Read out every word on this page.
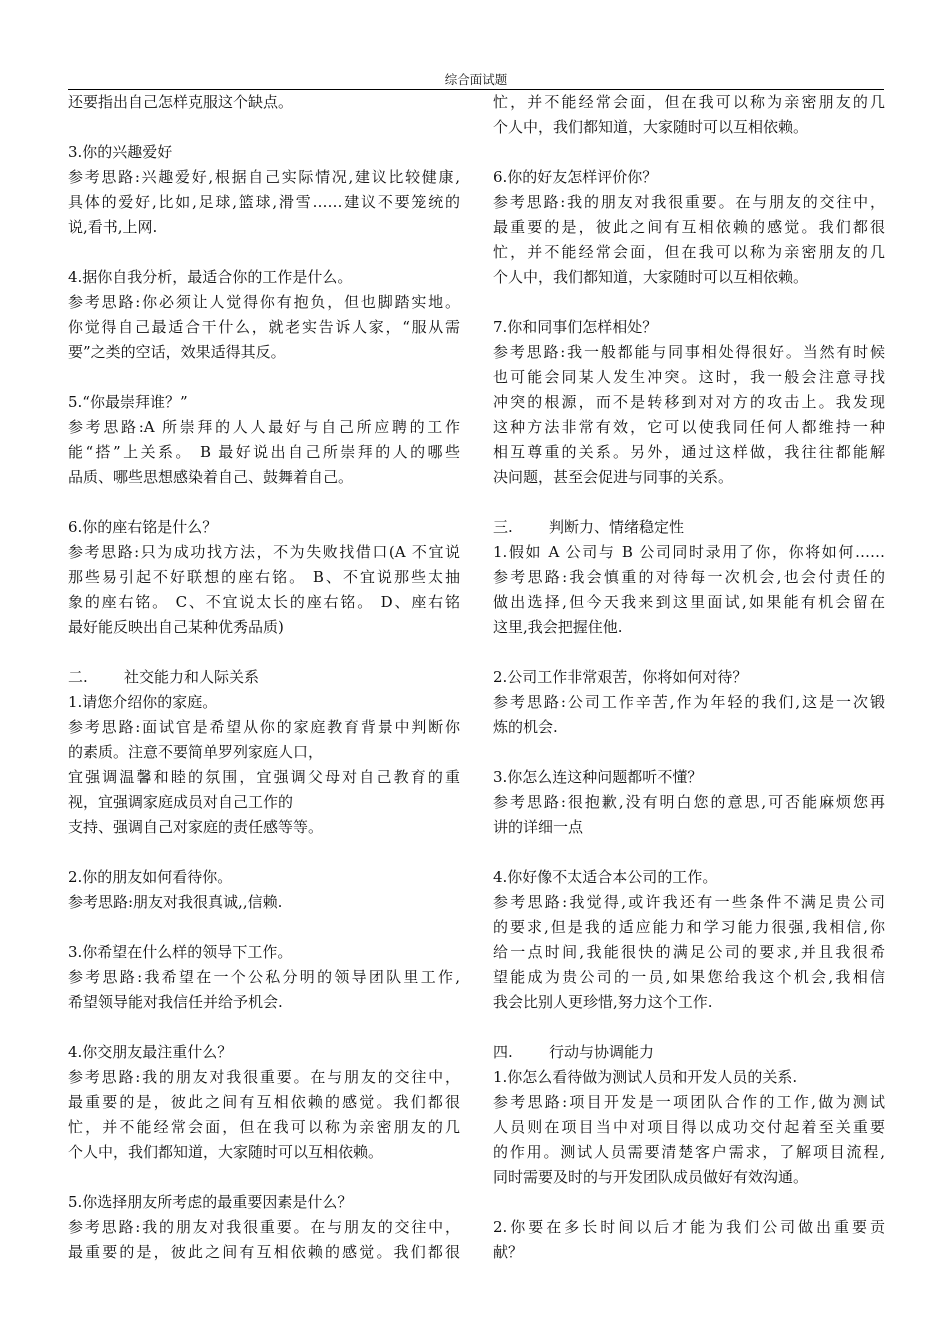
综合面试题
还要指出自己怎样克服这个缺点。
3.你的兴趣爱好
参考思路:兴趣爱好,根据自己实际情况,建议比较健康,
具体的爱好,比如,足球,篮球,滑雪……建议不要笼统的
说,看书,上网.
4.据你自我分析，最适合你的工作是什么。
参考思路:你必须让人觉得你有抱负，但也脚踏实地。
你觉得自己最适合干什么，就老实告诉人家，“服从需
要”之类的空话，效果适得其反。
5.“你最崇拜谁？”
参考思路:A 所崇拜的人人最好与自己所应聘的工作
能“搭”上关系。 B 最好说出自己所崇拜的人的哪些
品质、哪些思想感染着自己、鼓舞着自己。
6.你的座右铭是什么？
参考思路:只为成功找方法，不为失败找借口(A 不宜说
那些易引起不好联想的座右铭。 B、不宜说那些太抽
象的座右铭。 C、不宜说太长的座右铭。 D、座右铭
最好能反映出自己某种优秀品质)
二. 社交能力和人际关系
1.请您介绍你的家庭。
参考思路:面试官是希望从你的家庭教育背景中判断你
的素质。注意不要简单罗列家庭人口，
宜强调温馨和睦的氛围，宜强调父母对自己教育的重
视，宜强调家庭成员对自己工作的
支持、强调自己对家庭的责任感等等。
2.你的朋友如何看待你。
参考思路:朋友对我很真诚,,信赖.
3.你希望在什么样的领导下工作。
参考思路:我希望在一个公私分明的领导团队里工作,
希望领导能对我信任并给予机会.
4.你交朋友最注重什么？
参考思路:我的朋友对我很重要。在与朋友的交往中，
最重要的是，彼此之间有互相依赖的感觉。我们都很
忙，并不能经常会面，但在我可以称为亲密朋友的几
个人中，我们都知道，大家随时可以互相依赖。
5.你选择朋友所考虑的最重要因素是什么？
参考思路:我的朋友对我很重要。在与朋友的交往中，
最重要的是，彼此之间有互相依赖的感觉。我们都很
忙，并不能经常会面，但在我可以称为亲密朋友的几
个人中，我们都知道，大家随时可以互相依赖。
6.你的好友怎样评价你？
参考思路:我的朋友对我很重要。在与朋友的交往中，
最重要的是，彼此之间有互相依赖的感觉。我们都很
忙，并不能经常会面，但在我可以称为亲密朋友的几
个人中，我们都知道，大家随时可以互相依赖。
7.你和同事们怎样相处？
参考思路:我一般都能与同事相处得很好。当然有时候
也可能会同某人发生冲突。这时，我一般会注意寻找
冲突的根源，而不是转移到对对方的攻击上。我发现
这种方法非常有效，它可以使我同任何人都维持一种
相互尊重的关系。另外，通过这样做，我往往都能解
决问题，甚至会促进与同事的关系。
三. 判断力、情绪稳定性
1.假如 A 公司与 B 公司同时录用了你，你将如何……
参考思路:我会慎重的对待每一次机会,也会付责任的
做出选择,但今天我来到这里面试,如果能有机会留在
这里,我会把握住他.
2.公司工作非常艰苦，你将如何对待？
参考思路:公司工作辛苦,作为年轻的我们,这是一次锻
炼的机会.
3.你怎么连这种问题都听不懂？
参考思路:很抱歉,没有明白您的意思,可否能麻烦您再
讲的详细一点
4.你好像不太适合本公司的工作。
参考思路:我觉得,或许我还有一些条件不满足贵公司
的要求,但是我的适应能力和学习能力很强,我相信,你
给一点时间,我能很快的满足公司的要求,并且我很希
望能成为贵公司的一员,如果您给我这个机会,我相信
我会比别人更珍惜,努力这个工作.
四. 行动与协调能力
1.你怎么看待做为测试人员和开发人员的关系.
参考思路:项目开发是一项团队合作的工作,做为测试
人员则在项目当中对项目得以成功交付起着至关重要
的作用。测试人员需要清楚客户需求，了解项目流程,
同时需要及时的与开发团队成员做好有效沟通。
2.你要在多长时间以后才能为我们公司做出重要贡
献？
